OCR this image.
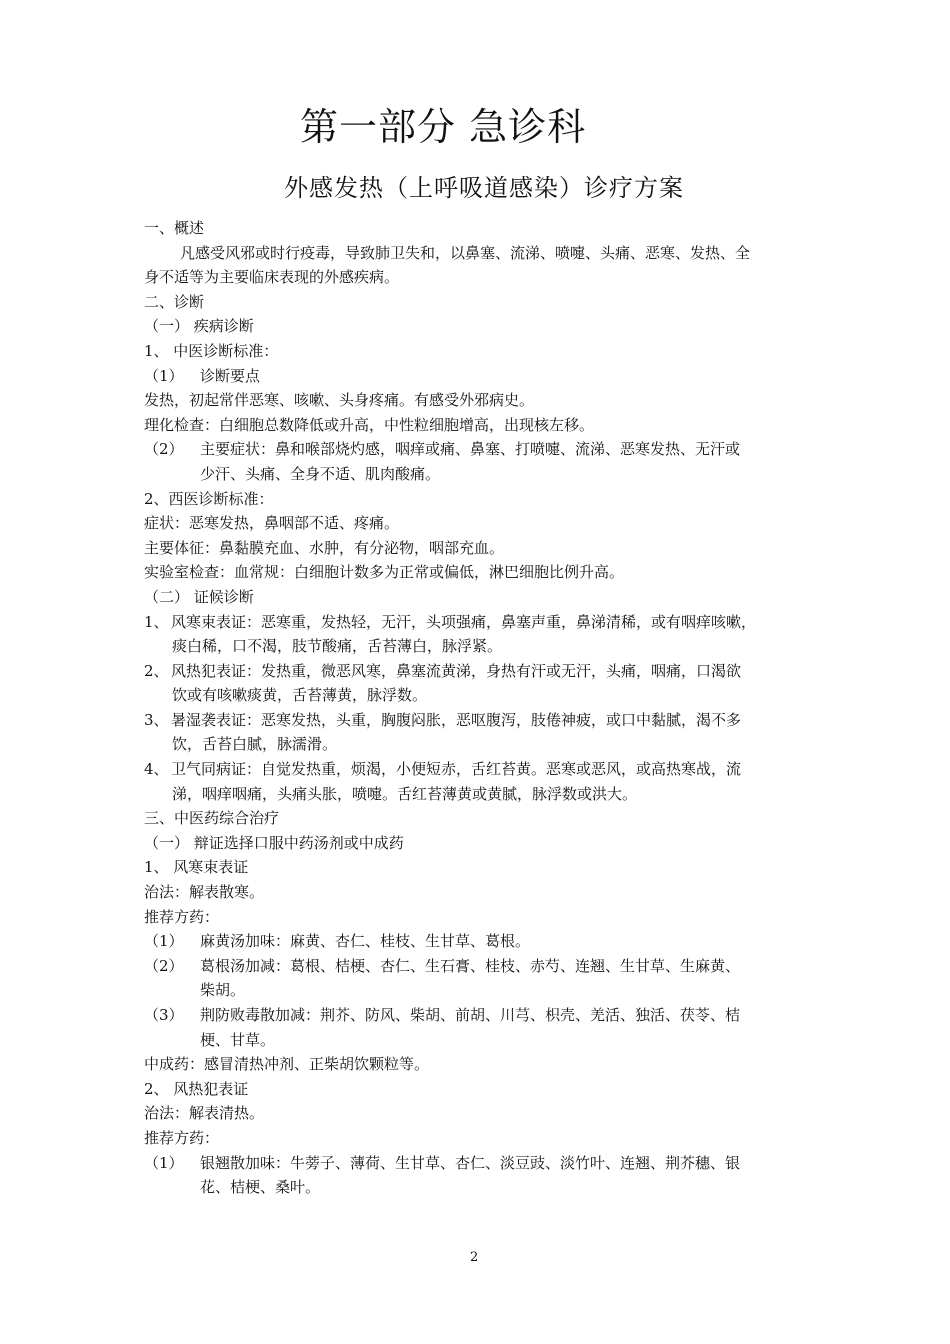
第一部分 急诊科
外感发热（上呼吸道感染）诊疗方案
一、概述
凡感受风邪或时行疫毒，导致肺卫失和，以鼻塞、流涕、喷嚏、头痛、恶寒、发热、全
身不适等为主要临床表现的外感疾病。
二、诊断
（一） 疾病诊断
1、 中医诊断标准：
（1） 诊断要点
发热，初起常伴恶寒、咳嗽、头身疼痛。有感受外邪病史。
理化检查：白细胞总数降低或升高，中性粒细胞增高，出现核左移。
（2） 主要症状：鼻和喉部烧灼感，咽痒或痛、鼻塞、打喷嚏、流涕、恶寒发热、无汗或
少汗、头痛、全身不适、肌肉酸痛。
2、西医诊断标准：
症状：恶寒发热，鼻咽部不适、疼痛。
主要体征：鼻黏膜充血、水肿，有分泌物，咽部充血。
实验室检查：血常规：白细胞计数多为正常或偏低，淋巴细胞比例升高。
（二） 证候诊断
1、 风寒束表证：恶寒重，发热轻，无汗，头项强痛，鼻塞声重，鼻涕清稀，或有咽痒咳嗽，
痰白稀，口不渴，肢节酸痛，舌苔薄白，脉浮紧。
2、 风热犯表证：发热重，微恶风寒，鼻塞流黄涕，身热有汗或无汗，头痛，咽痛，口渴欲
饮或有咳嗽痰黄，舌苔薄黄，脉浮数。
3、 暑湿袭表证：恶寒发热，头重，胸腹闷胀，恶呕腹泻，肢倦神疲，或口中黏腻，渴不多
饮，舌苔白腻，脉濡滑。
4、 卫气同病证：自觉发热重，烦渴，小便短赤，舌红苔黄。恶寒或恶风，或高热寒战，流
涕，咽痒咽痛，头痛头胀，喷嚏。舌红苔薄黄或黄腻，脉浮数或洪大。
三、中医药综合治疗
（一） 辩证选择口服中药汤剂或中成药
1、 风寒束表证
治法：解表散寒。
推荐方药：
（1） 麻黄汤加味：麻黄、杏仁、桂枝、生甘草、葛根。
（2） 葛根汤加减：葛根、桔梗、杏仁、生石膏、桂枝、赤芍、连翘、生甘草、生麻黄、
柴胡。
（3） 荆防败毒散加减：荆芥、防风、柴胡、前胡、川芎、枳壳、羌活、独活、茯苓、桔
梗、甘草。
中成药：感冒清热冲剂、正柴胡饮颗粒等。
2、 风热犯表证
治法：解表清热。
推荐方药：
（1） 银翘散加味：牛蒡子、薄荷、生甘草、杏仁、淡豆豉、淡竹叶、连翘、荆芥穗、银
花、桔梗、桑叶。
2
